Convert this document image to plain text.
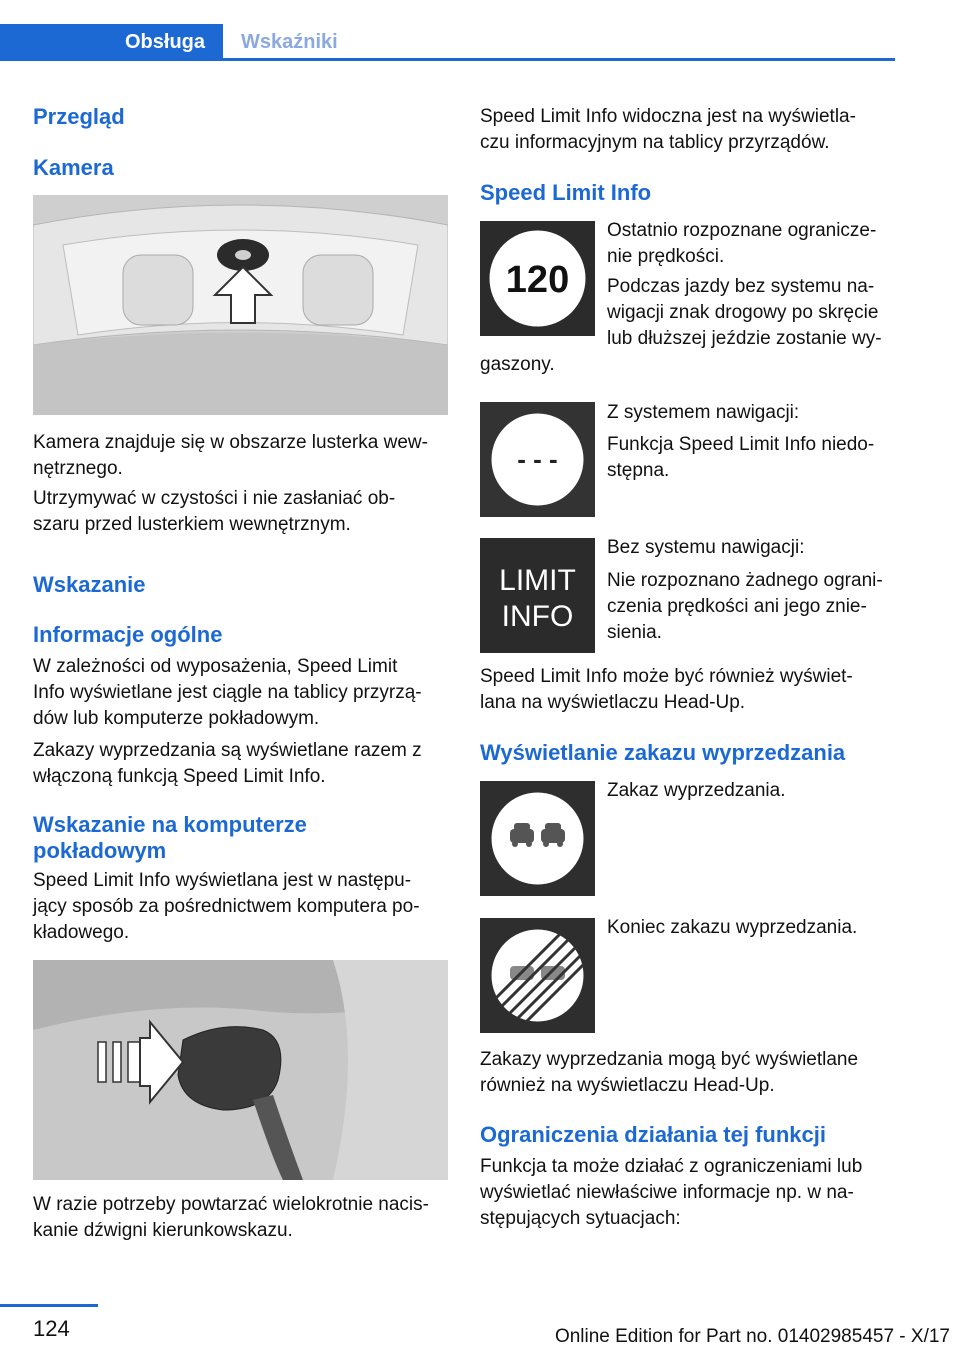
Obsługa	Wskaźniki
Przegląd
Kamera
Kamera znajduje się w obszarze lusterka wew-
nętrznego.
Utrzymywać w czystości i nie zasłaniać ob-
szaru przed lusterkiem wewnętrznym.
Wskazanie
Informacje ogólne
W zależności od wyposażenia, Speed Limit
Info wyświetlane jest ciągle na tablicy przyrzą-
dów lub komputerze pokładowym.
Zakazy wyprzedzania są wyświetlane razem z
włączoną funkcją Speed Limit Info.
Wskazanie na komputerze
pokładowym
Speed Limit Info wyświetlana jest w następu-
jący sposób za pośrednictwem komputera po-
kładowego.
W razie potrzeby powtarzać wielokrotnie nacis-
kanie dźwigni kierunkowskazu.
Speed Limit Info widoczna jest na wyświetla-
czu informacyjnym na tablicy przyrządów.
Speed Limit Info
120
Ostatnio rozpoznane ogranicze-
nie prędkości.
Podczas jazdy bez systemu na-
wigacji znak drogowy po skręcie
lub dłuższej jeździe zostanie wy-
gaszony.
- - -
Z systemem nawigacji:
Funkcja Speed Limit Info niedo-
stępna.
LIMIT
INFO
Bez systemu nawigacji:
Nie rozpoznano żadnego ograni-
czenia prędkości ani jego znie-
sienia.
Speed Limit Info może być również wyświet-
lana na wyświetlaczu Head-Up.
Wyświetlanie zakazu wyprzedzania
Zakaz wyprzedzania.
Koniec zakazu wyprzedzania.
Zakazy wyprzedzania mogą być wyświetlane
również na wyświetlaczu Head-Up.
Ograniczenia działania tej funkcji
Funkcja ta może działać z ograniczeniami lub
wyświetlać niewłaściwe informacje np. w na-
stępujących sytuacjach:
124	Online Edition for Part no. 01402985457 - X/17
